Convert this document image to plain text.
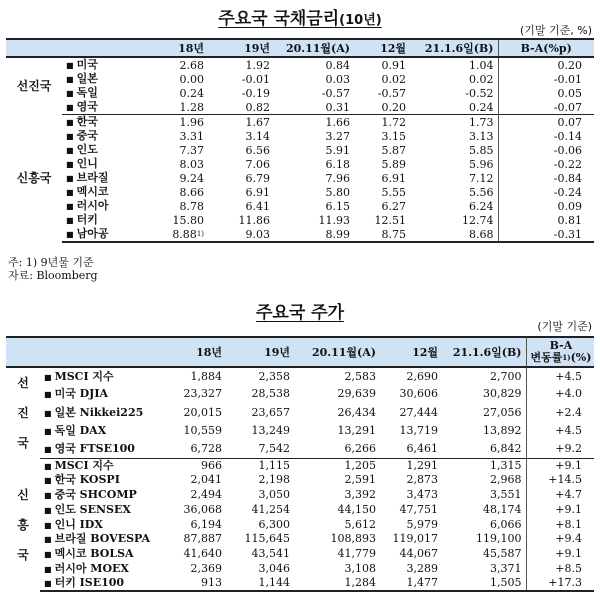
주요국 국채금리(10년)
(기말 기준, %)
		18년	19년	20.11월(A)	12월	21.1.6일(B)	B-A(%p)
선진국	■ 미국	2.68	1.92	0.84	0.91	1.04	0.20
	■ 일본	0.00	-0.01	0.03	0.02	0.02	-0.01
	■ 독일	0.24	-0.19	-0.57	-0.57	-0.52	0.05
	■ 영국	1.28	0.82	0.31	0.20	0.24	-0.07
신흥국	■ 한국	1.96	1.67	1.66	1.72	1.73	0.07
	■ 중국	3.31	3.14	3.27	3.15	3.13	-0.14
	■ 인도	7.37	6.56	5.91	5.87	5.85	-0.06
	■ 인니	8.03	7.06	6.18	5.89	5.96	-0.22
	■ 브라질	9.24	6.79	7.96	6.91	7.12	-0.84
	■ 멕시코	8.66	6.91	5.80	5.55	5.56	-0.24
	■ 러시아	8.78	6.41	6.15	6.27	6.24	0.09
	■ 터키	15.80	11.86	11.93	12.51	12.74	0.81
	■ 남아공	8.88$^{1)}$	9.03	8.99	8.75	8.68	-0.31
주: 1) 9년물 기준
자료: Bloomberg
주요국 주가
(기말 기준)
		18년	19년	20.11월(A)	12월	21.1.6일(B)	B-A
변동률$^{1)}$(%)

선
진
국	■ MSCI 지수	1,884	2,358	2,583	2,690	2,700	+4.5
	■ 미국 DJIA	23,327	28,538	29,639	30,606	30,829	+4.0
	■ 일본 Nikkei225	20,015	23,657	26,434	27,444	27,056	+2.4
	■ 독일 DAX	10,559	13,249	13,291	13,719	13,892	+4.5
	■ 영국 FTSE100	6,728	7,542	6,266	6,461	6,842	+9.2

신
흥
국	■ MSCI 지수	966	1,115	1,205	1,291	1,315	+9.1
	■ 한국 KOSPI	2,041	2,198	2,591	2,873	2,968	+14.5
	■ 중국 SHCOMP	2,494	3,050	3,392	3,473	3,551	+4.7
	■ 인도 SENSEX	36,068	41,254	44,150	47,751	48,174	+9.1
	■ 인니 IDX	6,194	6,300	5,612	5,979	6,066	+8.1
	■ 브라질 BOVESPA	87,887	115,645	108,893	119,017	119,100	+9.4
	■ 멕시코 BOLSA	41,640	43,541	41,779	44,067	45,587	+9.1
	■ 러시아 MOEX	2,369	3,046	3,108	3,289	3,371	+8.5
	■ 터키 ISE100	913	1,144	1,284	1,477	1,505	+17.3
